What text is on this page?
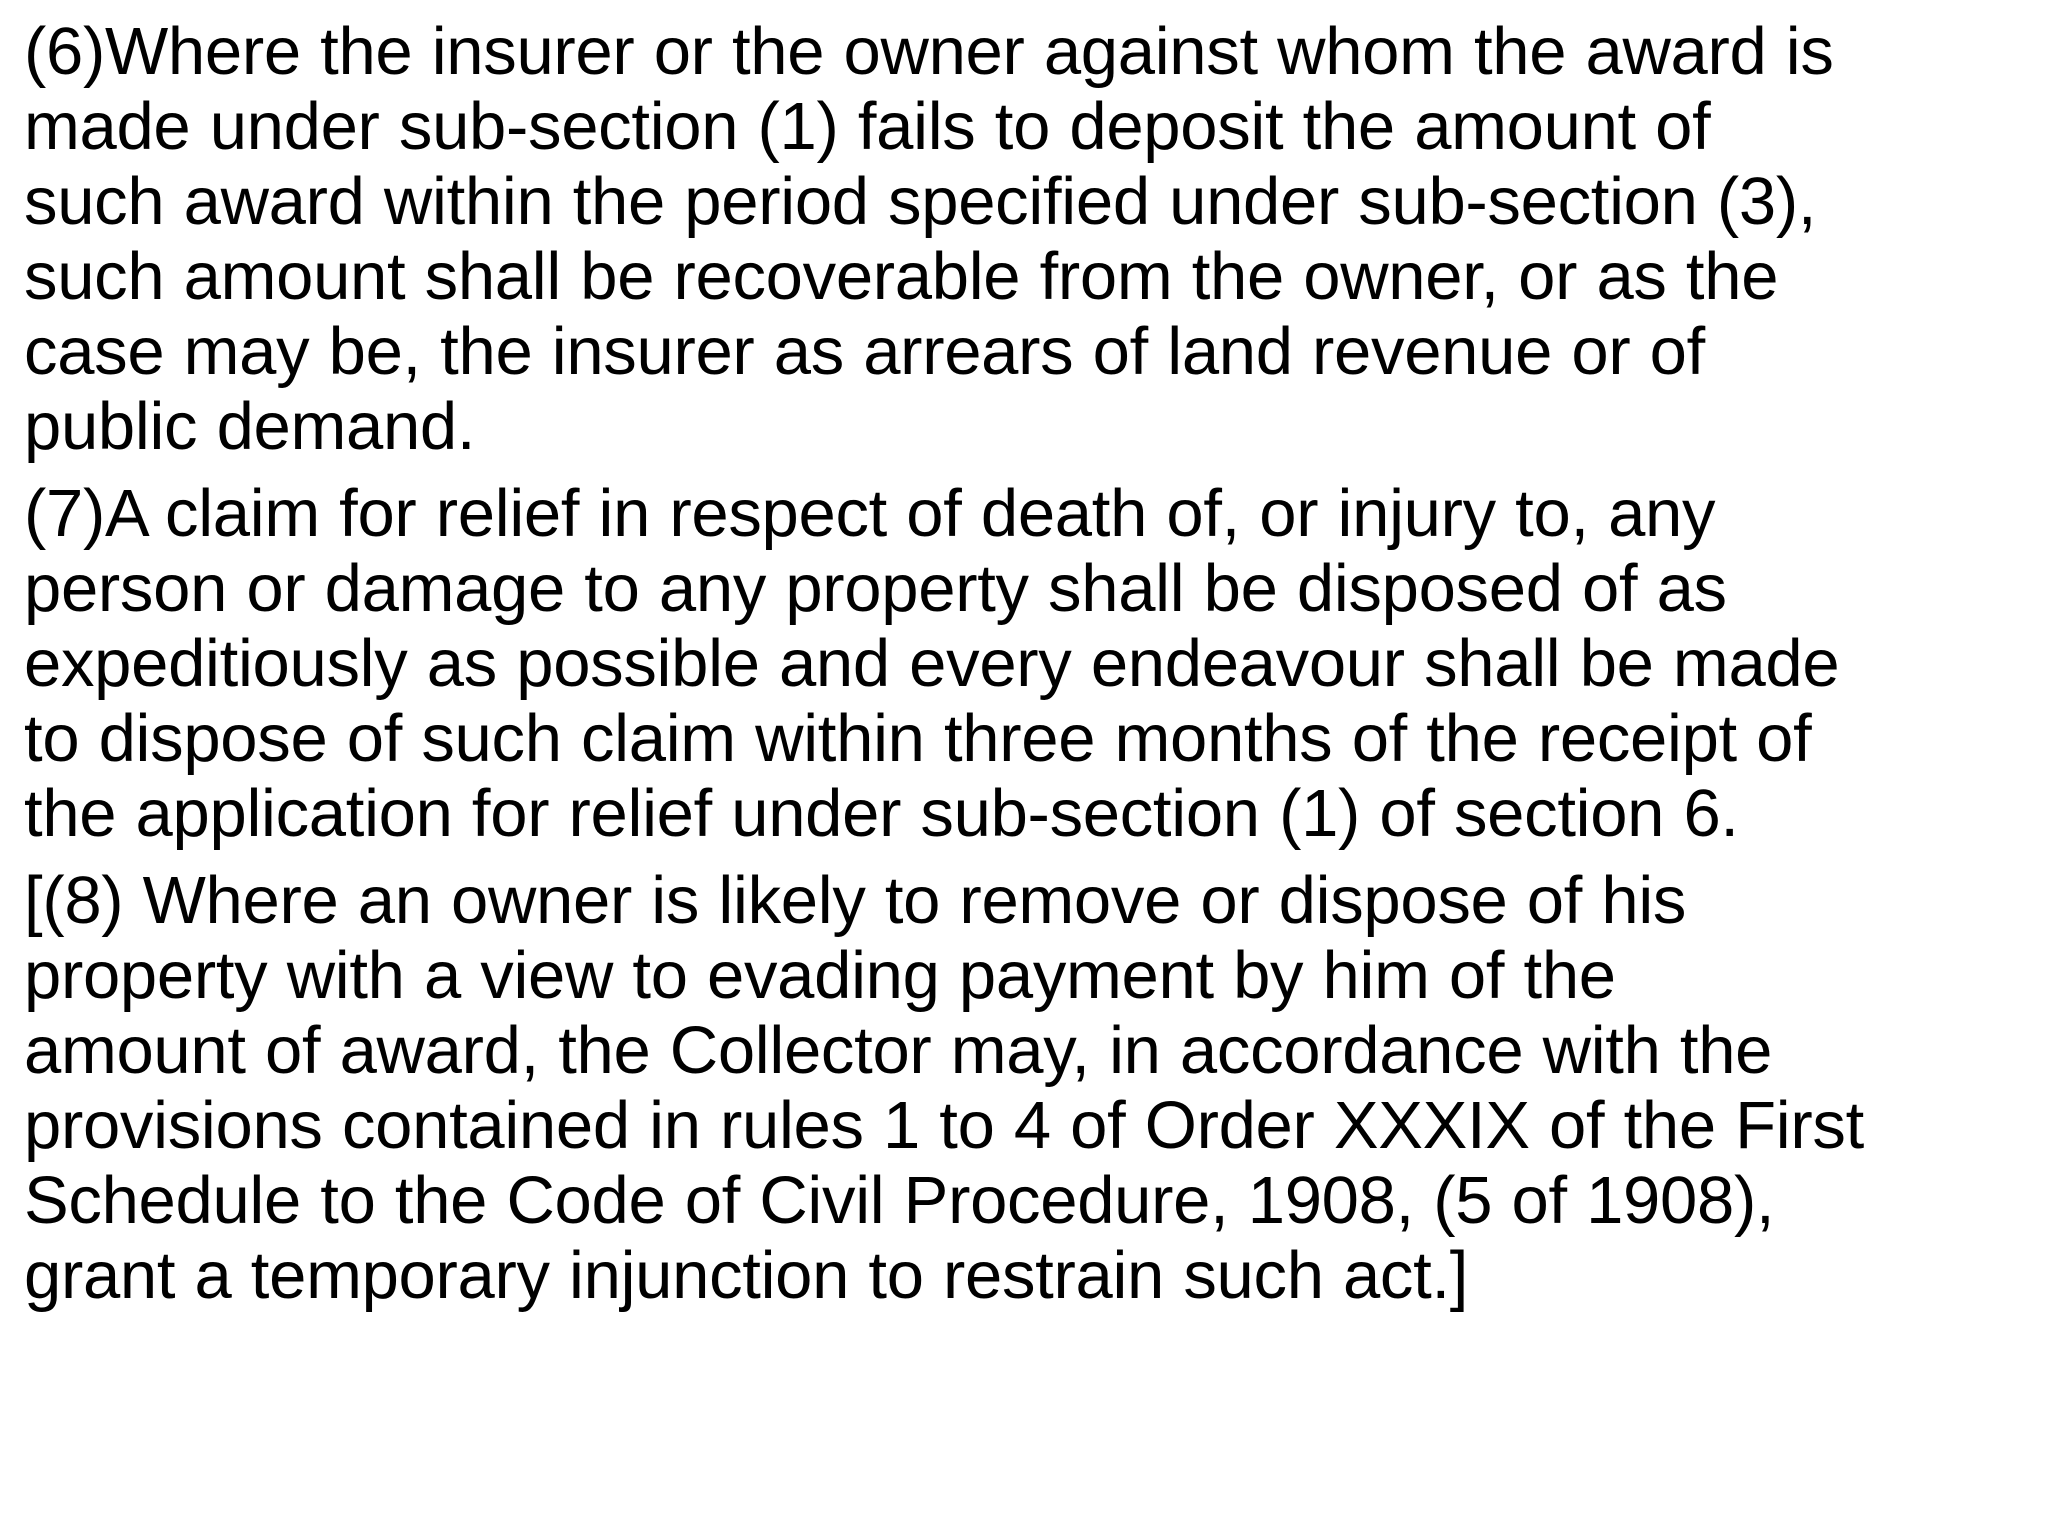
(6)Where the insurer or the owner against whom the award is
made under sub-section (1) fails to deposit the amount of
such award within the period specified under sub-section (3),
such amount shall be recoverable from the owner, or as the
case may be, the insurer as arrears of land revenue or of
public demand.

(7)A claim for relief in respect of death of, or injury to, any
person or damage to any property shall be disposed of as
expeditiously as possible and every endeavour shall be made
to dispose of such claim within three months of the receipt of
the application for relief under sub-section (1) of section 6.

[(8) Where an owner is likely to remove or dispose of his
property with a view to evading payment by him of the
amount of award, the Collector may, in accordance with the
provisions contained in rules 1 to 4 of Order XXXIX of the First
Schedule to the Code of Civil Procedure, 1908, (5 of 1908),
grant a temporary injunction to restrain such act.]
